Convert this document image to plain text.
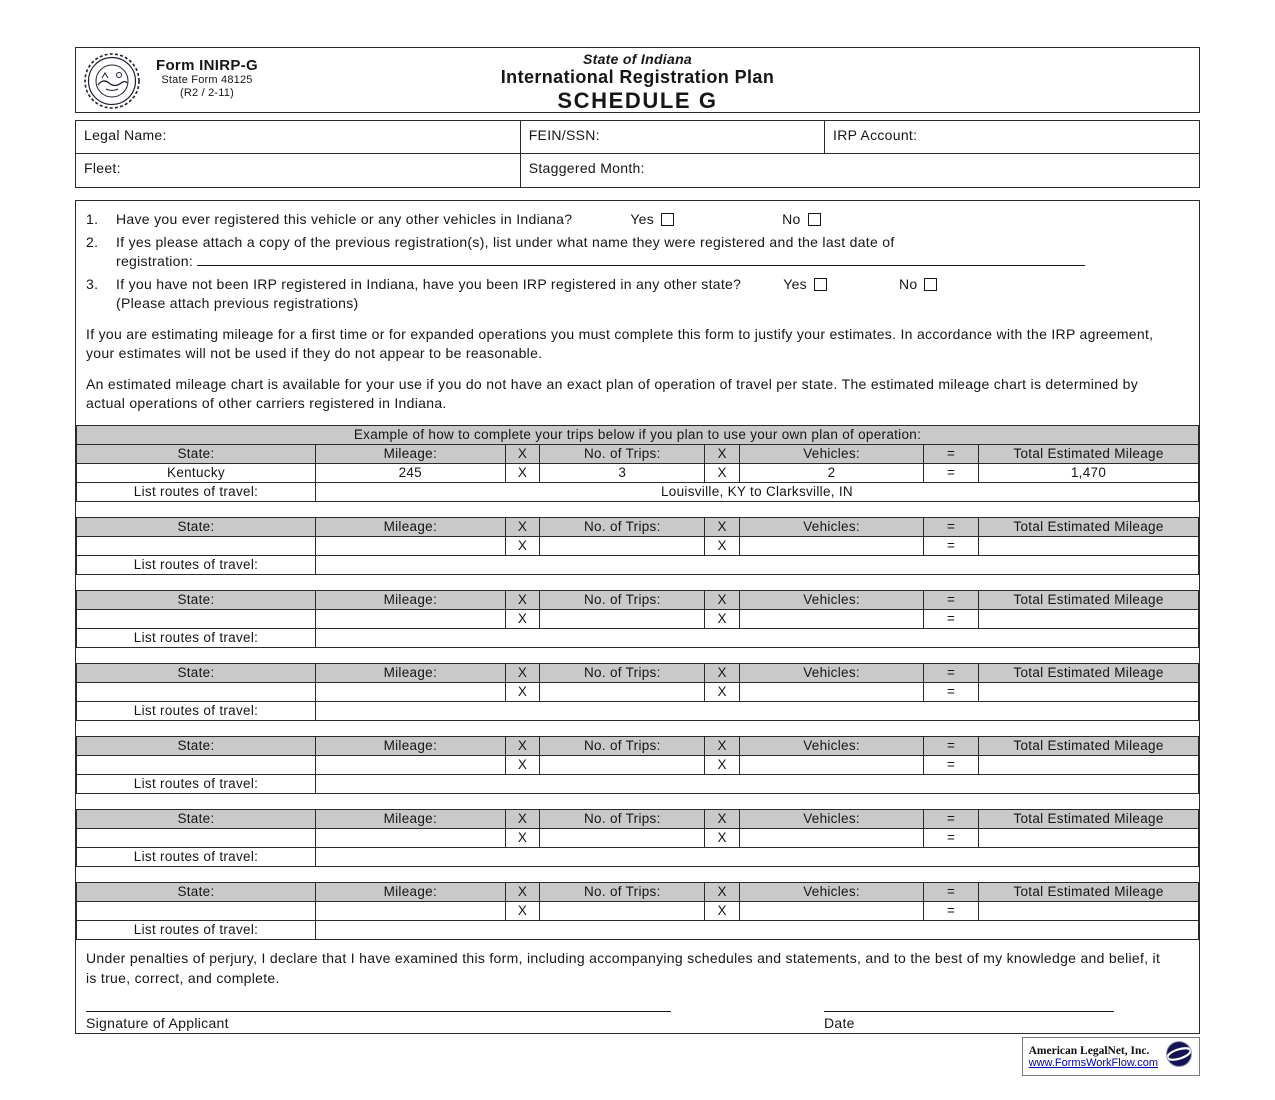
Form INIRP-G
State Form 48125
(R2 / 2-11)
State of Indiana
International Registration Plan
SCHEDULE G
Legal Name:	FEIN/SSN:	IRP Account:
Fleet:	Staggered Month:
1.	Have you ever registered this vehicle or any other vehicles in Indiana?	Yes	No
2.	If yes please attach a copy of the previous registration(s), list under what name they were registered and the last date of
registration:
3.	If you have not been IRP registered in Indiana, have you been IRP registered in any other state?	Yes	No
(Please attach previous registrations)
If you are estimating mileage for a first time or for expanded operations you must complete this form to justify your estimates. In accordance with the IRP agreement, your estimates will not be used if they do not appear to be reasonable.
An estimated mileage chart is available for your use if you do not have an exact plan of operation of travel per state. The estimated mileage chart is determined by actual operations of other carriers registered in Indiana.
Example of how to complete your trips below if you plan to use your own plan of operation:							
State:	Mileage:	X	No. of Trips:	X	Vehicles:	=	Total Estimated Mileage
Kentucky	245	X	3	X	2	=	1,470
List routes of travel:	Louisville, KY to Clarksville, IN						
State:	Mileage:	X	No. of Trips:	X	Vehicles:	=	Total Estimated Mileage
		X		X		=	
List routes of travel:							
State:	Mileage:	X	No. of Trips:	X	Vehicles:	=	Total Estimated Mileage
		X		X		=	
List routes of travel:							
State:	Mileage:	X	No. of Trips:	X	Vehicles:	=	Total Estimated Mileage
		X		X		=	
List routes of travel:							
State:	Mileage:	X	No. of Trips:	X	Vehicles:	=	Total Estimated Mileage
		X		X		=	
List routes of travel:							
State:	Mileage:	X	No. of Trips:	X	Vehicles:	=	Total Estimated Mileage
		X		X		=	
List routes of travel:							
State:	Mileage:	X	No. of Trips:	X	Vehicles:	=	Total Estimated Mileage
		X		X		=	
List routes of travel:							
Under penalties of perjury, I declare that I have examined this form, including accompanying schedules and statements, and to the best of my knowledge and belief, it is true, correct, and complete.
Signature of Applicant	Date
American LegalNet, Inc.
www.FormsWorkFlow.com
